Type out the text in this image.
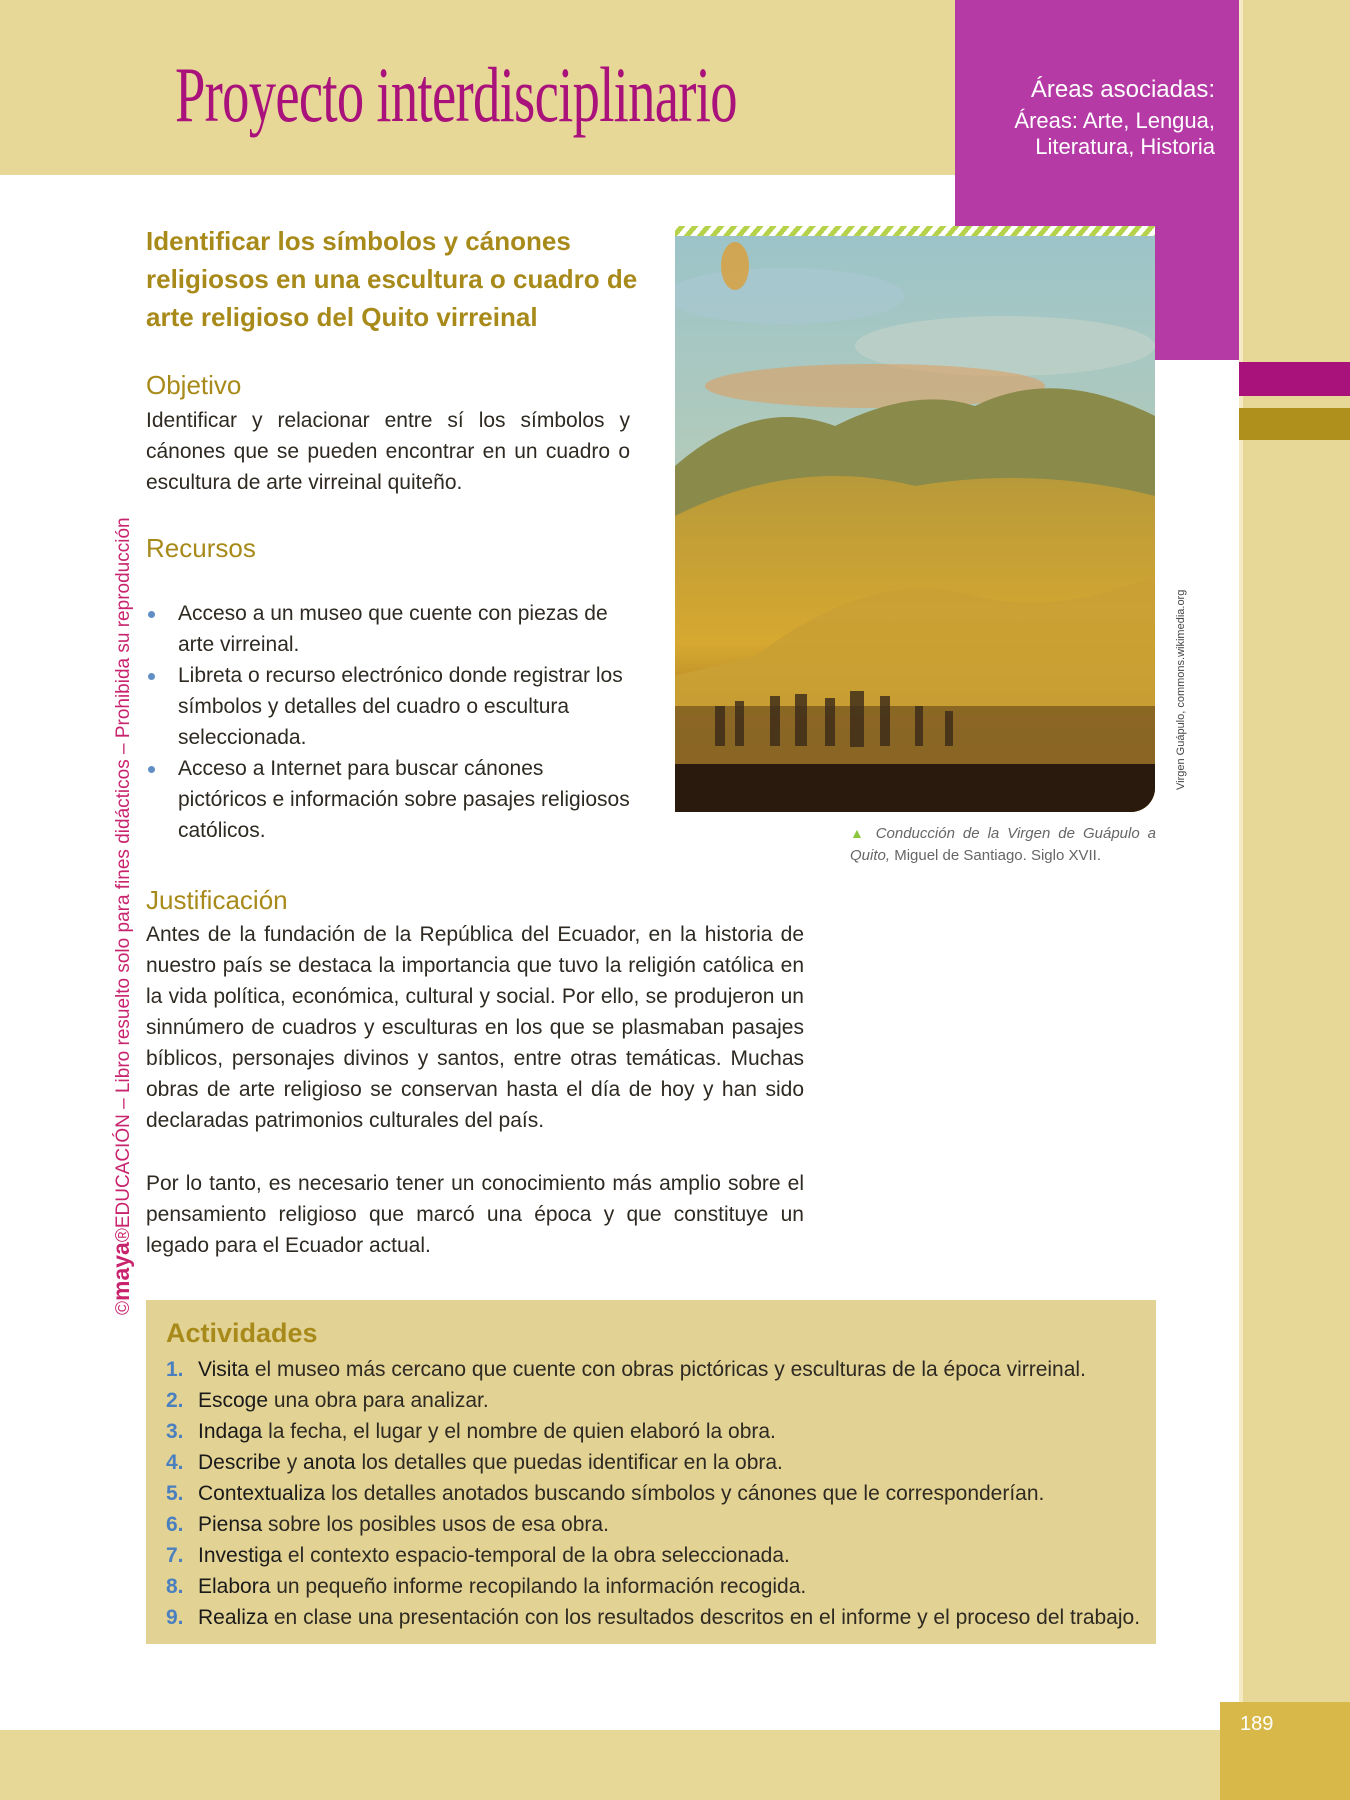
Áreas asociadas:
Áreas: Arte, Lengua, Literatura, Historia
189
Proyecto interdisciplinario
©maya®EDUCACIÓN – Libro resuelto solo para fines didácticos – Prohibida su reproducción
Identificar los símbolos y cánones religiosos en una escultura o cuadro de arte religioso del Quito virreinal
Objetivo
Identificar y relacionar entre sí los símbolos y cánones que se pueden encontrar en un cuadro o escultura de arte virreinal quiteño.
Recursos
Acceso a un museo que cuente con piezas de arte virreinal.
Libreta o recurso electrónico donde registrar los símbolos y detalles del cuadro o escultura seleccionada.
Acceso a Internet para buscar cánones pictóricos e información sobre pasajes religiosos católicos.
Virgen Guápulo, commons.wikimedia.org
▲ Conducción de la Virgen de Guápulo a Quito, Miguel de Santiago. Siglo XVII.
Justificación
Antes de la fundación de la República del Ecuador, en la historia de nuestro país se destaca la importancia que tuvo la religión católica en la vida política, económica, cultural y social. Por ello, se produjeron un sinnúmero de cuadros y esculturas en los que se plasmaban pasajes bíblicos, personajes divinos y santos, entre otras temáticas. Muchas obras de arte religioso se conservan hasta el día de hoy y han sido declaradas patrimonios culturales del país.
Por lo tanto, es necesario tener un conocimiento más amplio sobre el pensamiento religioso que marcó una época y que constituye un legado para el Ecuador actual.
Actividades
1. Visita el museo más cercano que cuente con obras pictóricas y esculturas de la época virreinal.
2. Escoge una obra para analizar.
3. Indaga la fecha, el lugar y el nombre de quien elaboró la obra.
4. Describe y anota los detalles que puedas identificar en la obra.
5. Contextualiza los detalles anotados buscando símbolos y cánones que le corresponderían.
6. Piensa sobre los posibles usos de esa obra.
7. Investiga el contexto espacio-temporal de la obra seleccionada.
8. Elabora un pequeño informe recopilando la información recogida.
9. Realiza en clase una presentación con los resultados descritos en el informe y el proceso del trabajo.
